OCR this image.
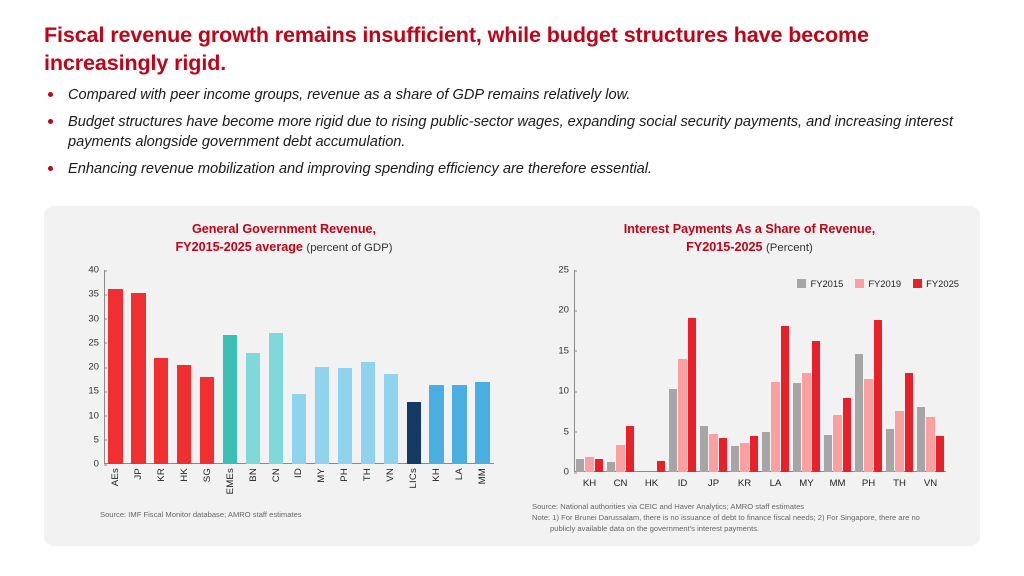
Fiscal revenue growth remains insufficient, while budget structures have become increasingly rigid.
Compared with peer income groups, revenue as a share of GDP remains relatively low.
Budget structures have become more rigid due to rising public-sector wages, expanding social security payments, and increasing interest payments alongside government debt accumulation.
Enhancing revenue mobilization and improving spending efficiency are therefore essential.
General Government Revenue,
FY2015-2025 average (percent of GDP)
0
5
10
15
20
25
30
35
40
AEs	JP	KR	HK	SG	EMEs	BN	CN	ID	MY	PH	TH	VN	LICs	KH	LA	MM
Source: IMF Fiscal Monitor database; AMRO staff estimates
Interest Payments As a Share of Revenue,
FY2015-2025 (Percent)
FY2015	FY2019	FY2025
0
5
10
15
20
25
KH	CN	HK	ID	JP	KR	LA	MY	MM	PH	TH	VN
Source: National authorities via CEIC and Haver Analytics; AMRO staff estimates
Note: 1) For Brunei Darussalam, there is no issuance of debt to finance fiscal needs; 2) For Singapore, there are no
publicly available data on the government's interest payments.
